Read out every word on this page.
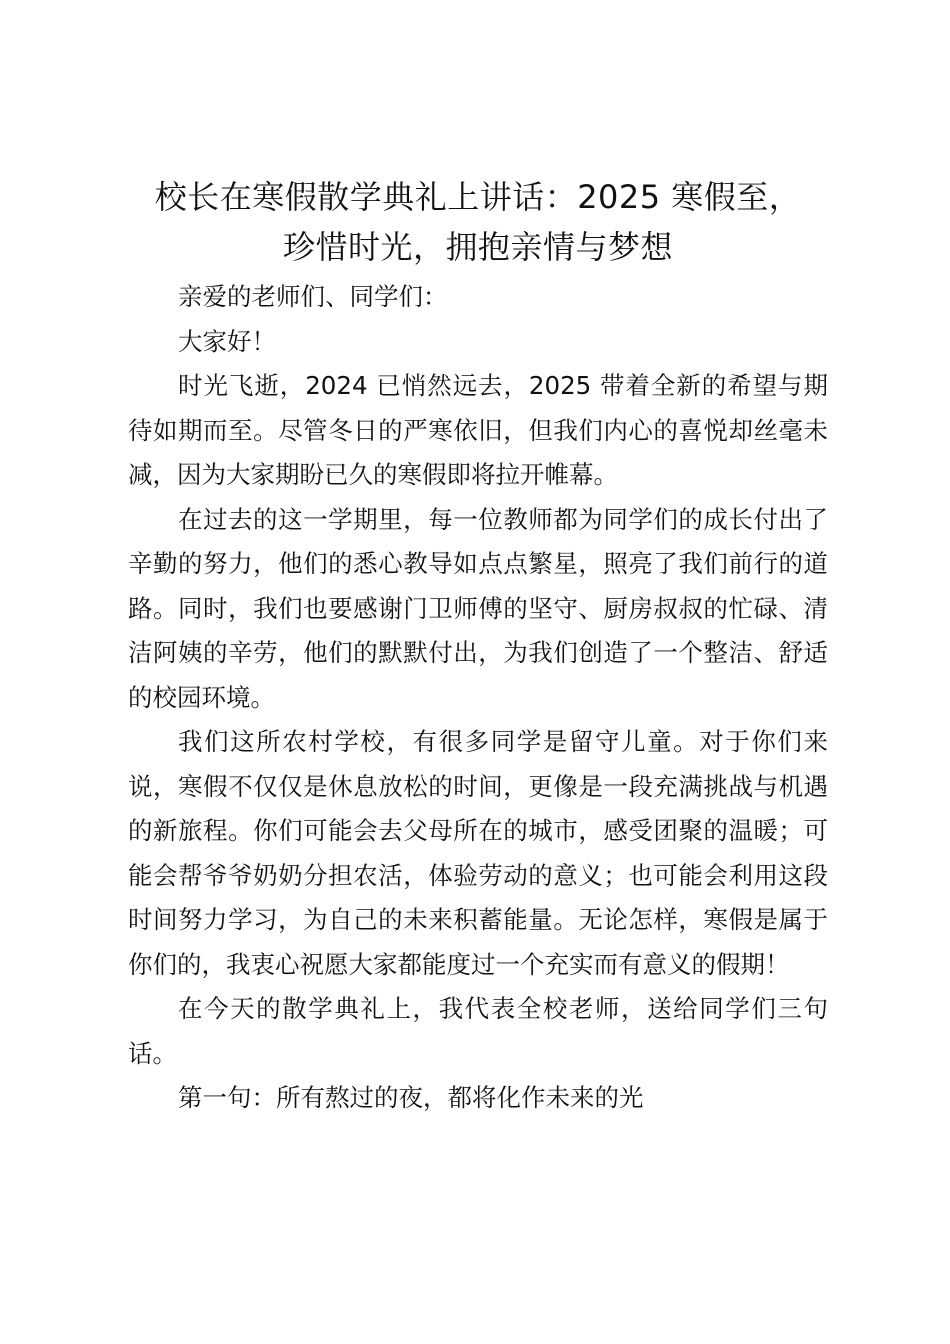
校长在寒假散学典礼上讲话：2025 寒假至，
珍惜时光，拥抱亲情与梦想

亲爱的老师们、同学们：

大家好！

时光飞逝，2024 已悄然远去，2025 带着全新的希望与期待如期而至。尽管冬日的严寒依旧，但我们内心的喜悦却丝毫未减，因为大家期盼已久的寒假即将拉开帷幕。

在过去的这一学期里，每一位教师都为同学们的成长付出了辛勤的努力，他们的悉心教导如点点繁星，照亮了我们前行的道路。同时，我们也要感谢门卫师傅的坚守、厨房叔叔的忙碌、清洁阿姨的辛劳，他们的默默付出，为我们创造了一个整洁、舒适的校园环境。

我们这所农村学校，有很多同学是留守儿童。对于你们来说，寒假不仅仅是休息放松的时间，更像是一段充满挑战与机遇的新旅程。你们可能会去父母所在的城市，感受团聚的温暖；可能会帮爷爷奶奶分担农活，体验劳动的意义；也可能会利用这段时间努力学习，为自己的未来积蓄能量。无论怎样，寒假是属于你们的，我衷心祝愿大家都能度过一个充实而有意义的假期！

在今天的散学典礼上，我代表全校老师，送给同学们三句话。

第一句：所有熬过的夜，都将化作未来的光
